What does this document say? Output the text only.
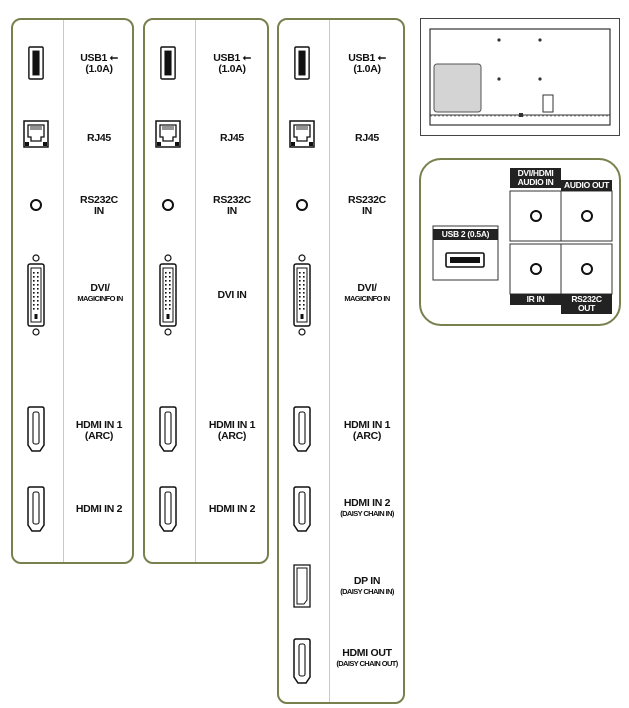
USB1 ⭠
(1.0A)
RJ45
RS232C
IN
DVI/
MAGICINFO IN
HDMI IN 1
(ARC)
HDMI IN 2
USB1 ⭠
(1.0A)
RJ45
RS232C
IN
DVI IN
HDMI IN 1
(ARC)
HDMI IN 2
USB1 ⭠
(1.0A)
RJ45
RS232C
IN
DVI/
MAGICINFO IN
HDMI IN 1
(ARC)
HDMI IN 2
(DAISY CHAIN IN)
DP IN
(DAISY CHAIN IN)
HDMI OUT
(DAISY CHAIN OUT)
USB 2 (0.5A)
DVI/HDMI
AUDIO IN	AUDIO OUT
IR IN	RS232C
OUT
